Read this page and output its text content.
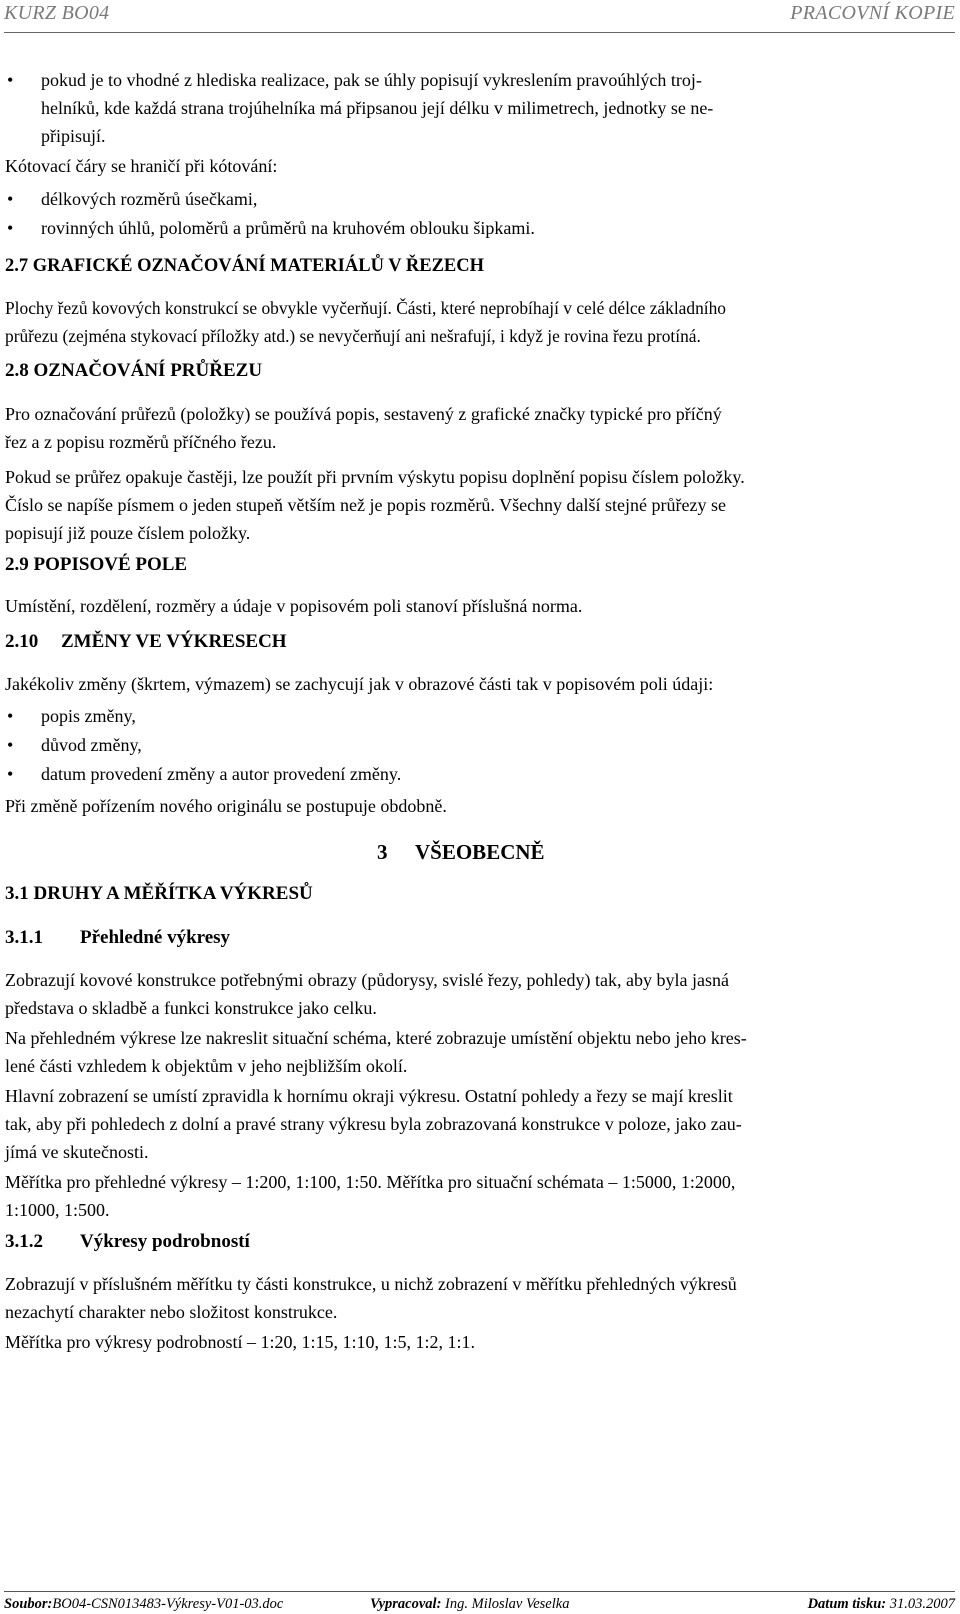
KURZ BO04	PRACOVNÍ KOPIE
• pokud je to vhodné z hlediska realizace, pak se úhly popisují vykreslením pravoúhlých troj-
helníků, kde každá strana trojúhelníka má připsanou její délku v milimetrech, jednotky se ne-
připisují.
Kótovací čáry se hraničí při kótování:
• délkových rozměrů úsečkami,
• rovinných úhlů, poloměrů a průměrů na kruhovém oblouku šipkami.
2.7 GRAFICKÉ OZNAČOVÁNÍ MATERIÁLŮ V ŘEZECH
Plochy řezů kovových konstrukcí se obvykle vyčerňují. Části, které neprobíhají v celé délce základního
průřezu (zejména stykovací příložky atd.) se nevyčerňují ani nešrafují, i když je rovina řezu protíná.
2.8 OZNAČOVÁNÍ PRŮŘEZU
Pro označování průřezů (položky) se používá popis, sestavený z grafické značky typické pro příčný
řez a z popisu rozměrů příčného řezu.
Pokud se průřez opakuje častěji, lze použít při prvním výskytu popisu doplnění popisu číslem položky.
Číslo se napíše písmem o jeden stupeň větším než je popis rozměrů. Všechny další stejné průřezy se
popisují již pouze číslem položky.
2.9 POPISOVÉ POLE
Umístění, rozdělení, rozměry a údaje v popisovém poli stanoví příslušná norma.
2.10 ZMĚNY VE VÝKRESECH
Jakékoliv změny (škrtem, výmazem) se zachycují jak v obrazové části tak v popisovém poli údaji:
• popis změny,
• důvod změny,
• datum provedení změny a autor provedení změny.
Při změně pořízením nového originálu se postupuje obdobně.
3 VŠEOBECNĚ
3.1 DRUHY A MĚŘÍTKA VÝKRESŮ
3.1.1 Přehledné výkresy
Zobrazují kovové konstrukce potřebnými obrazy (půdorysy, svislé řezy, pohledy) tak, aby byla jasná
představa o skladbě a funkci konstrukce jako celku.
Na přehledném výkrese lze nakreslit situační schéma, které zobrazuje umístění objektu nebo jeho kres-
lené části vzhledem k objektům v jeho nejbližším okolí.
Hlavní zobrazení se umístí zpravidla k hornímu okraji výkresu. Ostatní pohledy a řezy se mají kreslit
tak, aby při pohledech z dolní a pravé strany výkresu byla zobrazovaná konstrukce v poloze, jako zau-
jímá ve skutečnosti.
Měřítka pro přehledné výkresy – 1:200, 1:100, 1:50. Měřítka pro situační schémata – 1:5000, 1:2000,
1:1000, 1:500.
3.1.2 Výkresy podrobností
Zobrazují v příslušném měřítku ty části konstrukce, u nichž zobrazení v měřítku přehledných výkresů
nezachytí charakter nebo složitost konstrukce.
Měřítka pro výkresy podrobností – 1:20, 1:15, 1:10, 1:5, 1:2, 1:1.
Soubor:BO04-CSN013483-Výkresy-V01-03.doc	Vypracoval: Ing. Miloslav Veselka	Datum tisku: 31.03.2007
